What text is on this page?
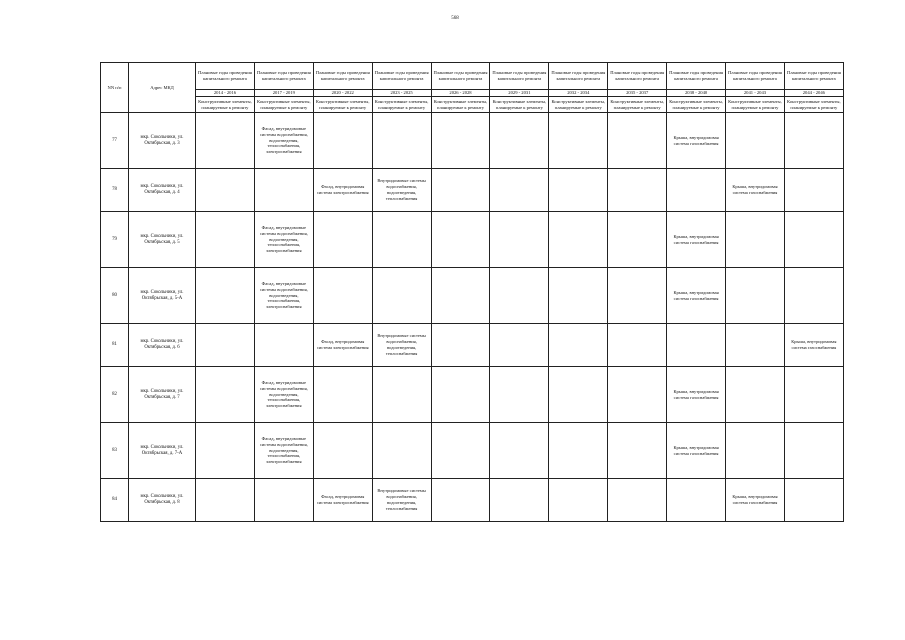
568
NN п/п	Адрес МКД	Плановые годы проведения капитального ремонта	Плановые годы проведения капитального ремонта	Плановые годы проведения капитального ремонта	Плановые годы проведения капитального ремонта	Плановые годы проведения капитального ремонта	Плановые годы проведения капитального ремонта	Плановые годы проведения капитального ремонта	Плановые годы проведения капитального ремонта	Плановые годы проведения капитального ремонта	Плановые годы проведения капитального ремонта	Плановые годы проведения капитального ремонта
		2014 - 2016	2017 - 2019	2020 - 2022	2023 - 2025	2026 - 2028	2029 - 2031	2032 - 2034	2035 - 2037	2038 - 2040	2041 - 2043	2044 - 2046
		Конструктивные элементы, планируемые к ремонту	Конструктивные элементы, планируемые к ремонту	Конструктивные элементы, планируемые к ремонту	Конструктивные элементы, планируемые к ремонту	Конструктивные элементы, планируемые к ремонту	Конструктивные элементы, планируемые к ремонту	Конструктивные элементы, планируемые к ремонту	Конструктивные элементы, планируемые к ремонту	Конструктивные элементы, планируемые к ремонту	Конструктивные элементы, планируемые к ремонту	Конструктивные элементы, планируемые к ремонту
77	мкр. Сокольники, ул. Октябрьская, д. 3		Фасад, внутридомовые системы водоснабжения, водоотведения, теплоснабжения, электроснабжения							Крыша, внутридомовая система газоснабжения		
78	мкр. Сокольники, ул. Октябрьская, д. 4			Фасад, внутридомовая система электроснабжения	Внутридомовые системы водоснабжения, водоотведения, теплоснабжения						Крыша, внутридомовая система газоснабжения	
79	мкр. Сокольники, ул. Октябрьская, д. 5		Фасад, внутридомовые системы водоснабжения, водоотведения, теплоснабжения, электроснабжения							Крыша, внутридомовая система газоснабжения		
80	мкр. Сокольники, ул. Октябрьская, д. 5-А		Фасад, внутридомовые системы водоснабжения, водоотведения, теплоснабжения, электроснабжения							Крыша, внутридомовая система газоснабжения		
81	мкр. Сокольники, ул. Октябрьская, д. 6			Фасад, внутридомовая система электроснабжения	Внутридомовые системы водоснабжения, водоотведения, теплоснабжения							Крыша, внутридомовая система газоснабжения
82	мкр. Сокольники, ул. Октябрьская, д. 7		Фасад, внутридомовые системы водоснабжения, водоотведения, теплоснабжения, электроснабжения							Крыша, внутридомовая система газоснабжения		
83	мкр. Сокольники, ул. Октябрьская, д. 7-А		Фасад, внутридомовые системы водоснабжения, водоотведения, теплоснабжения, электроснабжения							Крыша, внутридомовая система газоснабжения		
84	мкр. Сокольники, ул. Октябрьская, д. 8			Фасад, внутридомовая система электроснабжения	Внутридомовые системы водоснабжения, водоотведения, теплоснабжения						Крыша, внутридомовая система газоснабжения	
